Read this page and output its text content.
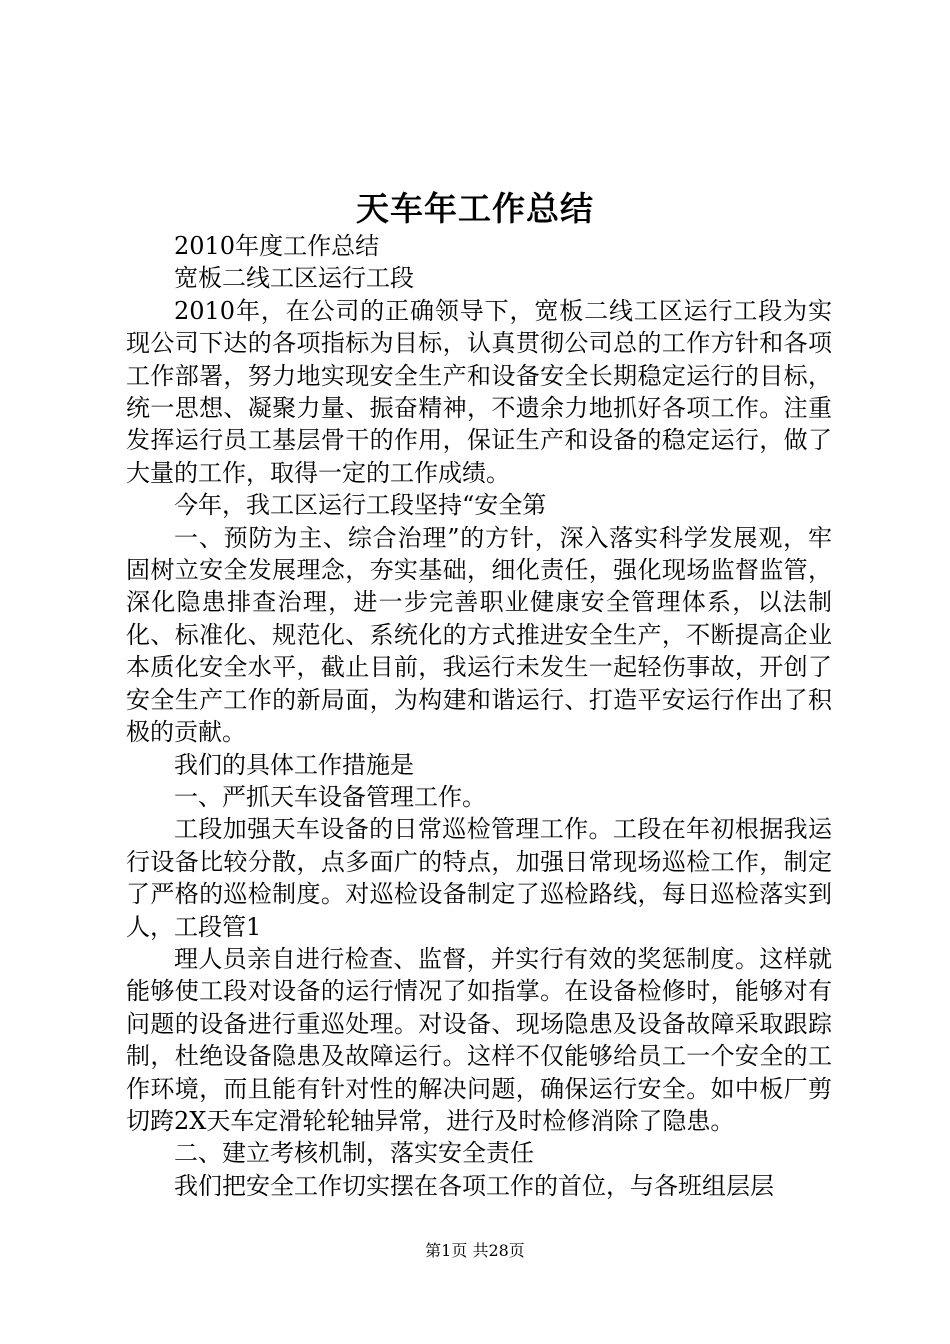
天车年工作总结

2010年度工作总结

宽板二线工区运行工段

2010年，在公司的正确领导下，宽板二线工区运行工段为实现公司下达的各项指标为目标，认真贯彻公司总的工作方针和各项工作部署，努力地实现安全生产和设备安全长期稳定运行的目标，统一思想、凝聚力量、振奋精神，不遗余力地抓好各项工作。注重发挥运行员工基层骨干的作用，保证生产和设备的稳定运行，做了大量的工作，取得一定的工作成绩。

今年，我工区运行工段坚持“安全第

一、预防为主、综合治理”的方针，深入落实科学发展观，牢固树立安全发展理念，夯实基础，细化责任，强化现场监督监管，深化隐患排查治理，进一步完善职业健康安全管理体系，以法制化、标准化、规范化、系统化的方式推进安全生产，不断提高企业本质化安全水平，截止目前，我运行未发生一起轻伤事故，开创了安全生产工作的新局面，为构建和谐运行、打造平安运行作出了积极的贡献。

我们的具体工作措施是

一、严抓天车设备管理工作。

工段加强天车设备的日常巡检管理工作。工段在年初根据我运行设备比较分散，点多面广的特点，加强日常现场巡检工作，制定了严格的巡检制度。对巡检设备制定了巡检路线，每日巡检落实到人，工段管1

理人员亲自进行检查、监督，并实行有效的奖惩制度。这样就能够使工段对设备的运行情况了如指掌。在设备检修时，能够对有问题的设备进行重巡处理。对设备、现场隐患及设备故障采取跟踪制，杜绝设备隐患及故障运行。这样不仅能够给员工一个安全的工作环境，而且能有针对性的解决问题，确保运行安全。如中板厂剪切跨2X天车定滑轮轮轴异常，进行及时检修消除了隐患。

二、建立考核机制，落实安全责任

我们把安全工作切实摆在各项工作的首位，与各班组层层

第1页 共28页
